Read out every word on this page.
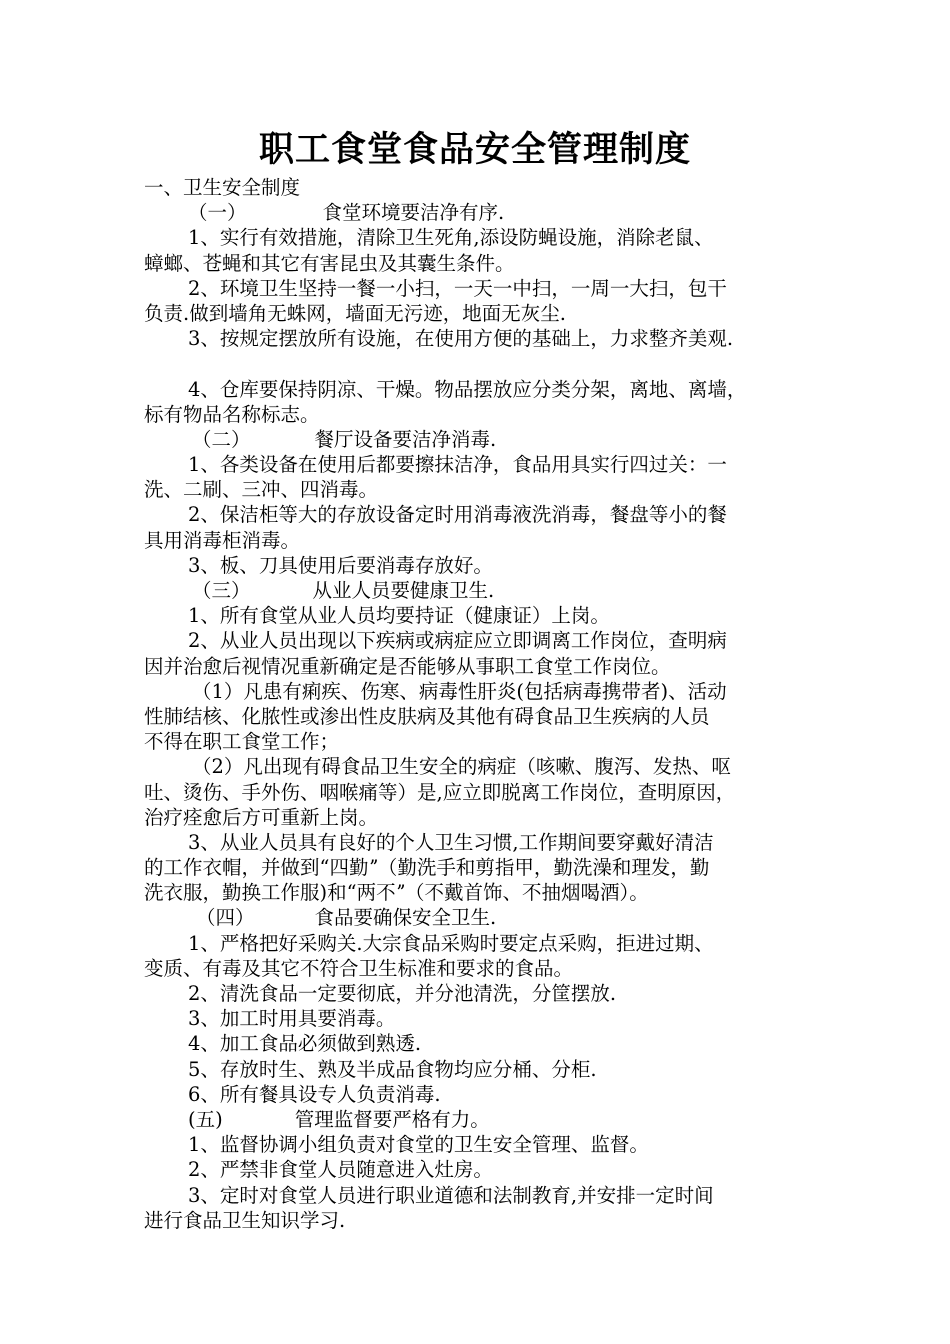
职工食堂食品安全管理制度
一、卫生安全制度
（一）	食堂环境要洁净有序.
1、实行有效措施，清除卫生死角,添设防蝇设施，消除老鼠、
蟑螂、苍蝇和其它有害昆虫及其囊生条件。
2、环境卫生坚持一餐一小扫，一天一中扫，一周一大扫，包干
负责.做到墙角无蛛网，墙面无污迹，地面无灰尘.
3、按规定摆放所有设施，在使用方便的基础上，力求整齐美观.
4、仓库要保持阴凉、干燥。物品摆放应分类分架，离地、离墙，
标有物品名称标志。
（二）	餐厅设备要洁净消毒.
1、各类设备在使用后都要擦抹洁净，食品用具实行四过关：一
洗、二刷、三冲、四消毒。
2、保洁柜等大的存放设备定时用消毒液洗消毒，餐盘等小的餐
具用消毒柜消毒。
3、板、刀具使用后要消毒存放好。
（三）	从业人员要健康卫生.
1、所有食堂从业人员均要持证（健康证）上岗。
2、从业人员出现以下疾病或病症应立即调离工作岗位，查明病
因并治愈后视情况重新确定是否能够从事职工食堂工作岗位。
（1）凡患有痢疾、伤寒、病毒性肝炎(包括病毒携带者)、活动
性肺结核、化脓性或渗出性皮肤病及其他有碍食品卫生疾病的人员
不得在职工食堂工作；
（2）凡出现有碍食品卫生安全的病症（咳嗽、腹泻、发热、呕
吐、烫伤、手外伤、咽喉痛等）是,应立即脱离工作岗位，查明原因，
治疗痊愈后方可重新上岗。
3、从业人员具有良好的个人卫生习惯,工作期间要穿戴好清洁
的工作衣帽，并做到“四勤ˮ（勤洗手和剪指甲，勤洗澡和理发，勤
洗衣服，勤换工作服)和“两不ˮ（不戴首饰、不抽烟喝酒）。
（四）	食品要确保安全卫生.
1、严格把好采购关.大宗食品采购时要定点采购，拒进过期、
变质、有毒及其它不符合卫生标准和要求的食品。
2、清洗食品一定要彻底，并分池清洗，分筐摆放.
3、加工时用具要消毒。
4、加工食品必须做到熟透.
5、存放时生、熟及半成品食物均应分桶、分柜.
6、所有餐具设专人负责消毒.
(五)	管理监督要严格有力。
1、监督协调小组负责对食堂的卫生安全管理、监督。
2、严禁非食堂人员随意进入灶房。
3、定时对食堂人员进行职业道德和法制教育,并安排一定时间
进行食品卫生知识学习.
